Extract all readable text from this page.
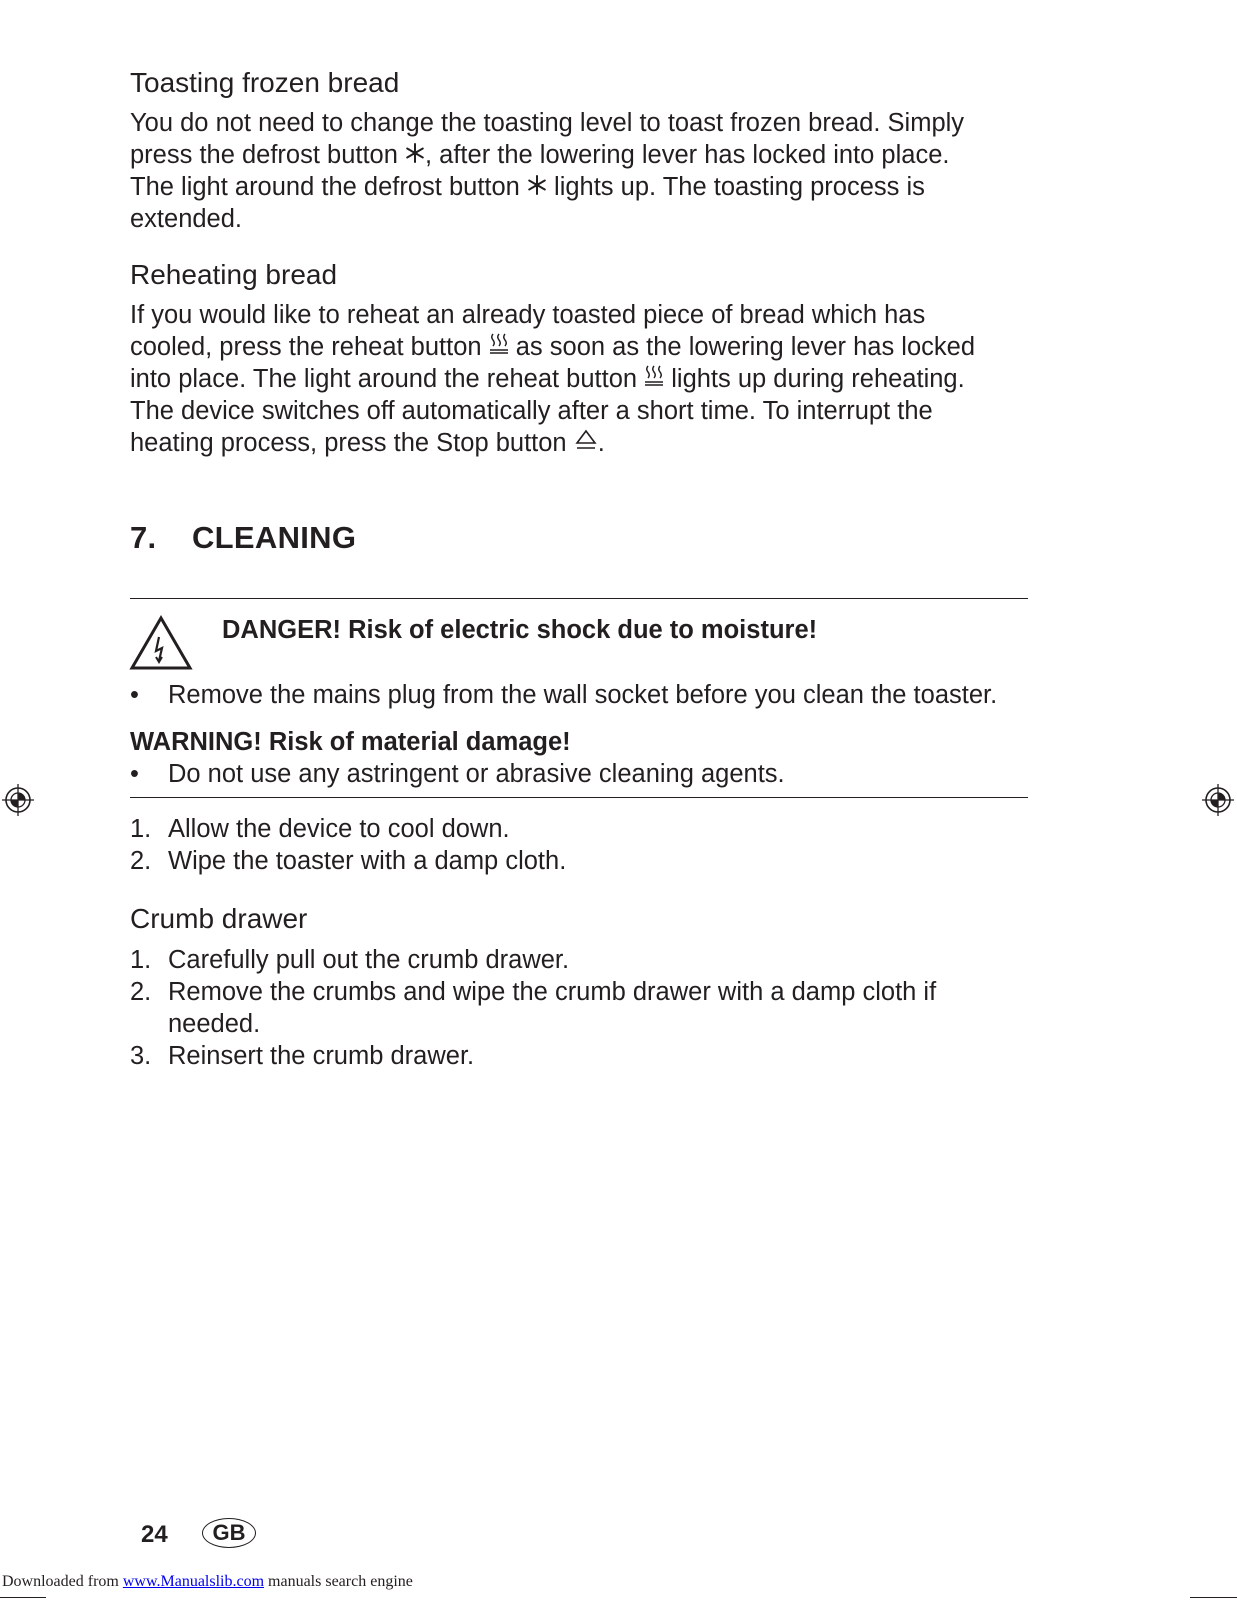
Toasting frozen bread

You do not need to change the toasting level to toast frozen bread. Simply
press the defrost button , after the lowering lever has locked into place.
The light around the defrost button  lights up. The toasting process is
extended.

Reheating bread

If you would like to reheat an already toasted piece of bread which has
cooled, press the reheat button  as soon as the lowering lever has locked
into place. The light around the reheat button  lights up during reheating.
The device switches off automatically after a short time. To interrupt the
heating process, press the Stop button .

7. CLEANING
DANGER! Risk of electric shock due to moisture!
• Remove the mains plug from the wall socket before you clean the toaster.
WARNING! Risk of material damage!
• Do not use any astringent or abrasive cleaning agents.
1. Allow the device to cool down.
2. Wipe the toaster with a damp cloth.
Crumb drawer
1. Carefully pull out the crumb drawer.
2. Remove the crumbs and wipe the crumb drawer with a damp cloth if
needed.
3. Reinsert the crumb drawer.
24 GB
Downloaded from www.Manualslib.com manuals search engine
